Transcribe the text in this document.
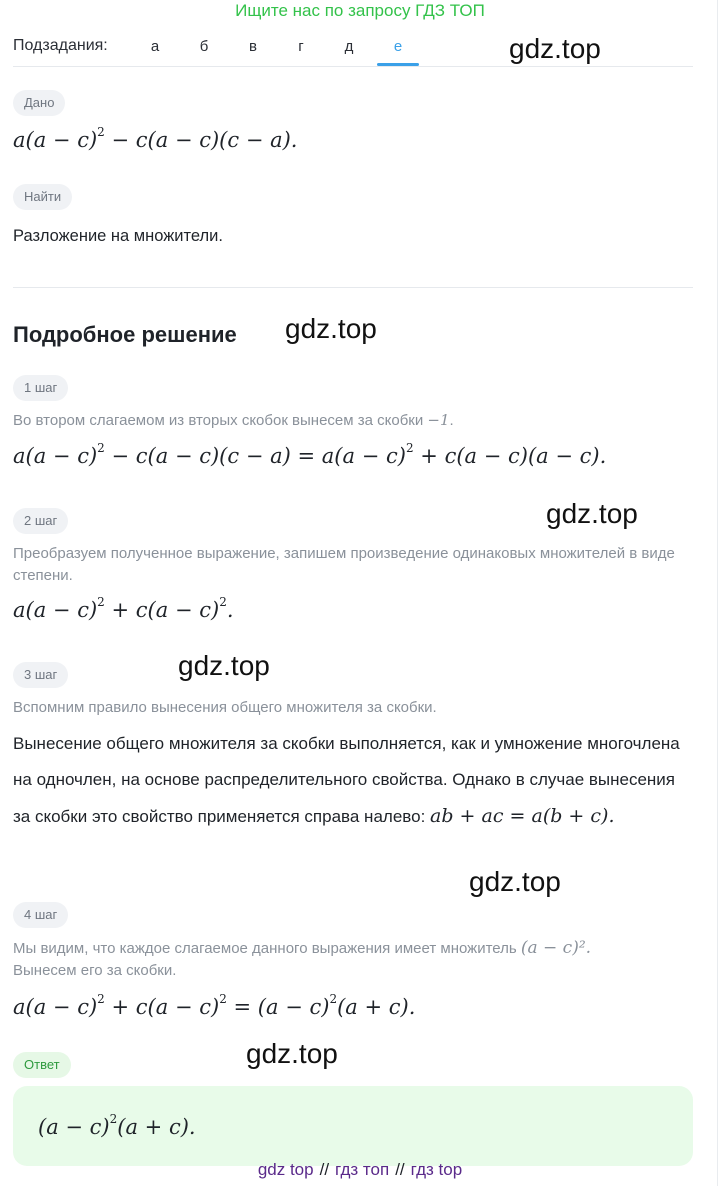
Ищите нас по запросу ГДЗ ТОП
Подзадания:	а	б	в	г	д	е	gdz.top
Дано
$a(a - c)^2 - c(a - c)(c - a)$.
Найти
Разложение на множители.
Подробное решение gdz.top
1 шаг
Во втором слагаемом из вторых скобок вынесем за скобки −1.
$a(a - c)^2 - c(a - c)(c - a) = a(a - c)^2 + c(a - c)(a - c)$.
gdz.top
2 шаг
Преобразуем полученное выражение, запишем произведение одинаковых множителей в виде степени.
$a(a - c)^2 + c(a - c)^2$.
gdz.top
3 шаг
Вспомним правило вынесения общего множителя за скобки.
Вынесение общего множителя за скобки выполняется, как и умножение многочлена на одночлен, на основе распределительного свойства. Однако в случае вынесения за скобки это свойство применяется справа налево: ab + ac = a(b + c).
gdz.top
4 шаг
Мы видим, что каждое слагаемое данного выражения имеет множитель (a − c)².
Вынесем его за скобки.
$a(a - c)^2 + c(a - c)^2 = (a - c)^2(a + c)$.
gdz.top
Ответ
$(a - c)^2(a + c)$.
gdz top // гдз топ // гдз top
